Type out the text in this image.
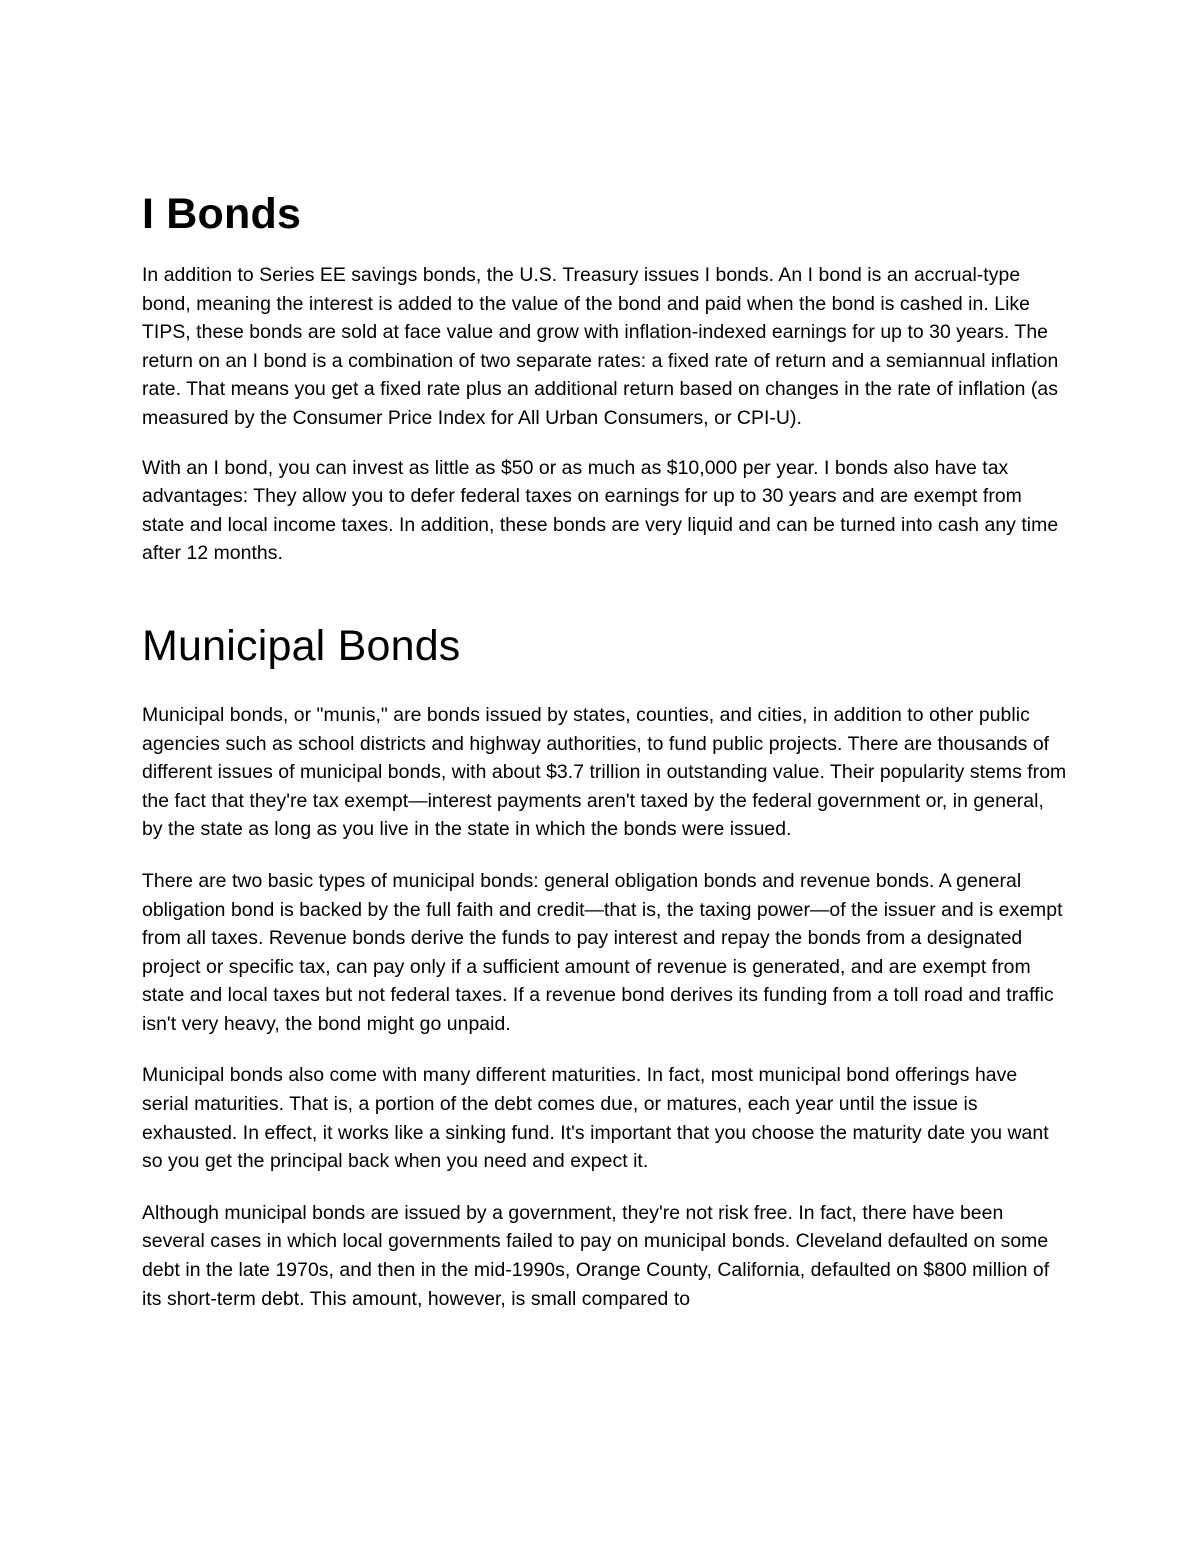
I Bonds

In addition to Series EE savings bonds, the U.S. Treasury issues I bonds. An I bond is an accrual-type bond, meaning the interest is added to the value of the bond and paid when the bond is cashed in. Like TIPS, these bonds are sold at face value and grow with inflation-indexed earnings for up to 30 years. The return on an I bond is a combination of two separate rates: a fixed rate of return and a semiannual inflation rate. That means you get a fixed rate plus an additional return based on changes in the rate of inflation (as measured by the Consumer Price Index for All Urban Consumers, or CPI-U).

With an I bond, you can invest as little as $50 or as much as $10,000 per year. I bonds also have tax advantages: They allow you to defer federal taxes on earnings for up to 30 years and are exempt from state and local income taxes. In addition, these bonds are very liquid and can be turned into cash any time after 12 months.

Municipal Bonds

Municipal bonds, or "munis," are bonds issued by states, counties, and cities, in addition to other public agencies such as school districts and highway authorities, to fund public projects. There are thousands of different issues of municipal bonds, with about $3.7 trillion in outstanding value. Their popularity stems from the fact that they're tax exempt—interest payments aren't taxed by the federal government or, in general, by the state as long as you live in the state in which the bonds were issued.

There are two basic types of municipal bonds: general obligation bonds and revenue bonds. A general obligation bond is backed by the full faith and credit—that is, the taxing power—of the issuer and is exempt from all taxes. Revenue bonds derive the funds to pay interest and repay the bonds from a designated project or specific tax, can pay only if a sufficient amount of revenue is generated, and are exempt from state and local taxes but not federal taxes. If a revenue bond derives its funding from a toll road and traffic isn't very heavy, the bond might go unpaid.

Municipal bonds also come with many different maturities. In fact, most municipal bond offerings have serial maturities. That is, a portion of the debt comes due, or matures, each year until the issue is exhausted. In effect, it works like a sinking fund. It's important that you choose the maturity date you want so you get the principal back when you need and expect it.

Although municipal bonds are issued by a government, they're not risk free. In fact, there have been several cases in which local governments failed to pay on municipal bonds. Cleveland defaulted on some debt in the late 1970s, and then in the mid-1990s, Orange County, California, defaulted on $800 million of its short-term debt. This amount, however, is small compared to
